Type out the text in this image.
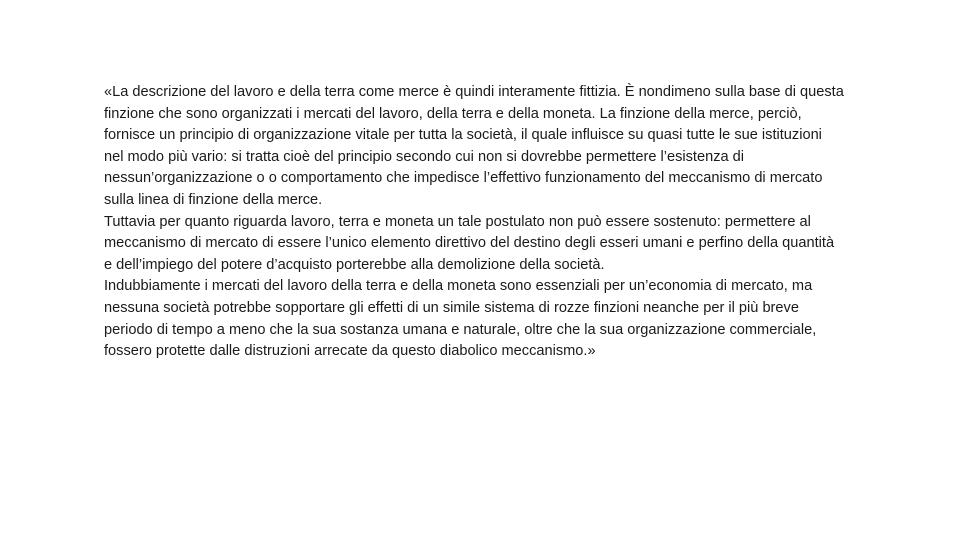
«La descrizione del lavoro e della terra come merce è quindi interamente fittizia. È nondimeno sulla base di questa finzione che sono organizzati i mercati del lavoro, della terra e della moneta. La finzione della merce, perciò, fornisce un principio di organizzazione vitale per tutta la società, il quale influisce su quasi tutte le sue istituzioni nel modo più vario: si tratta cioè del principio secondo cui non si dovrebbe permettere l’esistenza di nessun’organizzazione o o comportamento che impedisce l’effettivo funzionamento del meccanismo di mercato sulla linea di finzione della merce.

Tuttavia per quanto riguarda lavoro, terra e moneta un tale postulato non può essere sostenuto: permettere al meccanismo di mercato di essere l’unico elemento direttivo del destino degli esseri umani e perfino della quantità e dell’impiego del potere d’acquisto porterebbe alla demolizione della società.

Indubbiamente i mercati del lavoro della terra e della moneta sono essenziali per un’economia di mercato, ma nessuna società potrebbe sopportare gli effetti di un simile sistema di rozze finzioni neanche per il più breve periodo di tempo a meno che la sua sostanza umana e naturale, oltre che la sua organizzazione commerciale, fossero protette dalle distruzioni arrecate da questo diabolico meccanismo.»
